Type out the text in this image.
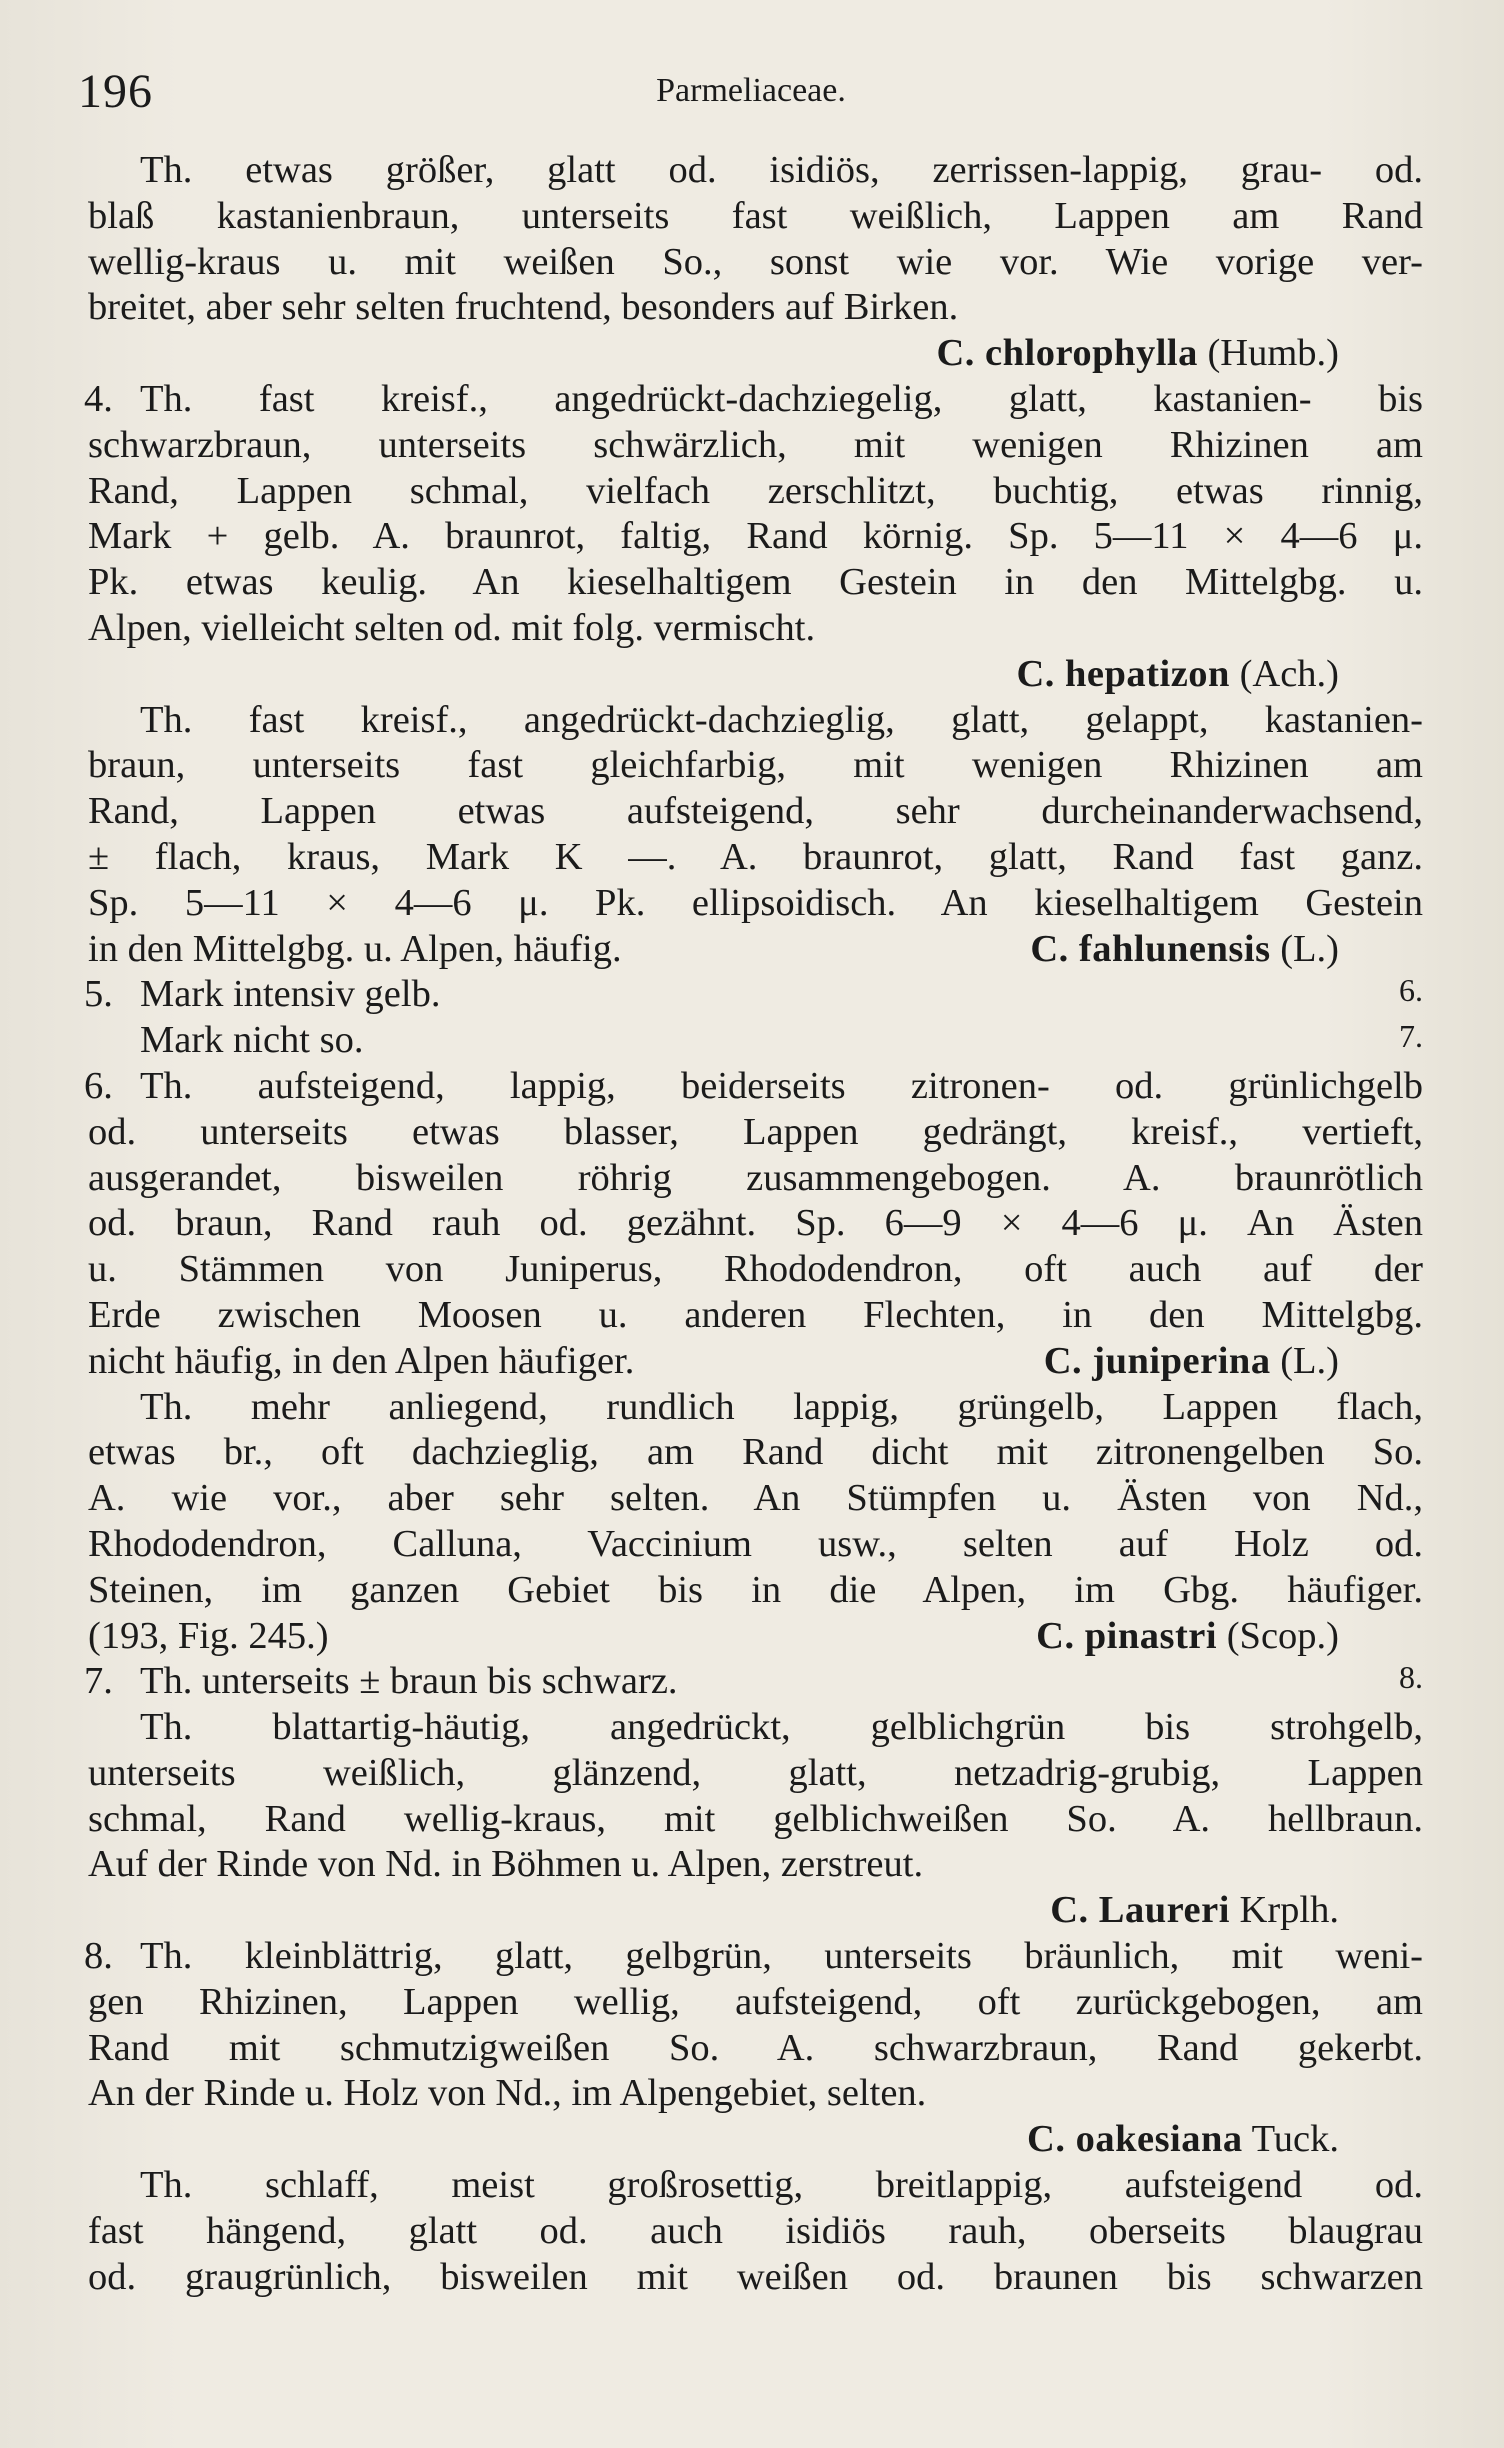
196	Parmeliaceae.
Th. etwas größer, glatt od. isidiös, zerrissen-lappig, grau- od.
blaß kastanienbraun, unterseits fast weißlich, Lappen am Rand
wellig-kraus u. mit weißen So., sonst wie vor. Wie vorige ver-
breitet, aber sehr selten fruchtend, besonders auf Birken.
C. chlorophylla (Humb.)
4. Th. fast kreisf., angedrückt-dachziegelig, glatt, kastanien- bis
schwarzbraun, unterseits schwärzlich, mit wenigen Rhizinen am
Rand, Lappen schmal, vielfach zerschlitzt, buchtig, etwas rinnig,
Mark + gelb. A. braunrot, faltig, Rand körnig. Sp. 5—11 × 4—6 μ.
Pk. etwas keulig. An kieselhaltigem Gestein in den Mittelgbg. u.
Alpen, vielleicht selten od. mit folg. vermischt.
C. hepatizon (Ach.)
Th. fast kreisf., angedrückt-dachzieglig, glatt, gelappt, kastanien-
braun, unterseits fast gleichfarbig, mit wenigen Rhizinen am
Rand, Lappen etwas aufsteigend, sehr durcheinanderwachsend,
± flach, kraus, Mark K —. A. braunrot, glatt, Rand fast ganz.
Sp. 5—11 × 4—6 μ. Pk. ellipsoidisch. An kieselhaltigem Gestein
in den Mittelgbg. u. Alpen, häufig.	C. fahlunensis (L.)
5. Mark intensiv gelb.	6.
Mark nicht so.	7.
6. Th. aufsteigend, lappig, beiderseits zitronen- od. grünlichgelb
od. unterseits etwas blasser, Lappen gedrängt, kreisf., vertieft,
ausgerandet, bisweilen röhrig zusammengebogen. A. braunrötlich
od. braun, Rand rauh od. gezähnt. Sp. 6—9 × 4—6 μ. An Ästen
u. Stämmen von Juniperus, Rhododendron, oft auch auf der
Erde zwischen Moosen u. anderen Flechten, in den Mittelgbg.
nicht häufig, in den Alpen häufiger.	C. juniperina (L.)
Th. mehr anliegend, rundlich lappig, grüngelb, Lappen flach,
etwas br., oft dachzieglig, am Rand dicht mit zitronengelben So.
A. wie vor., aber sehr selten. An Stümpfen u. Ästen von Nd.,
Rhododendron, Calluna, Vaccinium usw., selten auf Holz od.
Steinen, im ganzen Gebiet bis in die Alpen, im Gbg. häufiger.
(193, Fig. 245.)	C. pinastri (Scop.)
7. Th. unterseits ± braun bis schwarz.	8.
Th. blattartig-häutig, angedrückt, gelblichgrün bis strohgelb,
unterseits weißlich, glänzend, glatt, netzadrig-grubig, Lappen
schmal, Rand wellig-kraus, mit gelblichweißen So. A. hellbraun.
Auf der Rinde von Nd. in Böhmen u. Alpen, zerstreut.
C. Laureri Krplh.
8. Th. kleinblättrig, glatt, gelbgrün, unterseits bräunlich, mit weni-
gen Rhizinen, Lappen wellig, aufsteigend, oft zurückgebogen, am
Rand mit schmutzigweißen So. A. schwarzbraun, Rand gekerbt.
An der Rinde u. Holz von Nd., im Alpengebiet, selten.
C. oakesiana Tuck.
Th. schlaff, meist großrosettig, breitlappig, aufsteigend od.
fast hängend, glatt od. auch isidiös rauh, oberseits blaugrau
od. graugrünlich, bisweilen mit weißen od. braunen bis schwarzen
